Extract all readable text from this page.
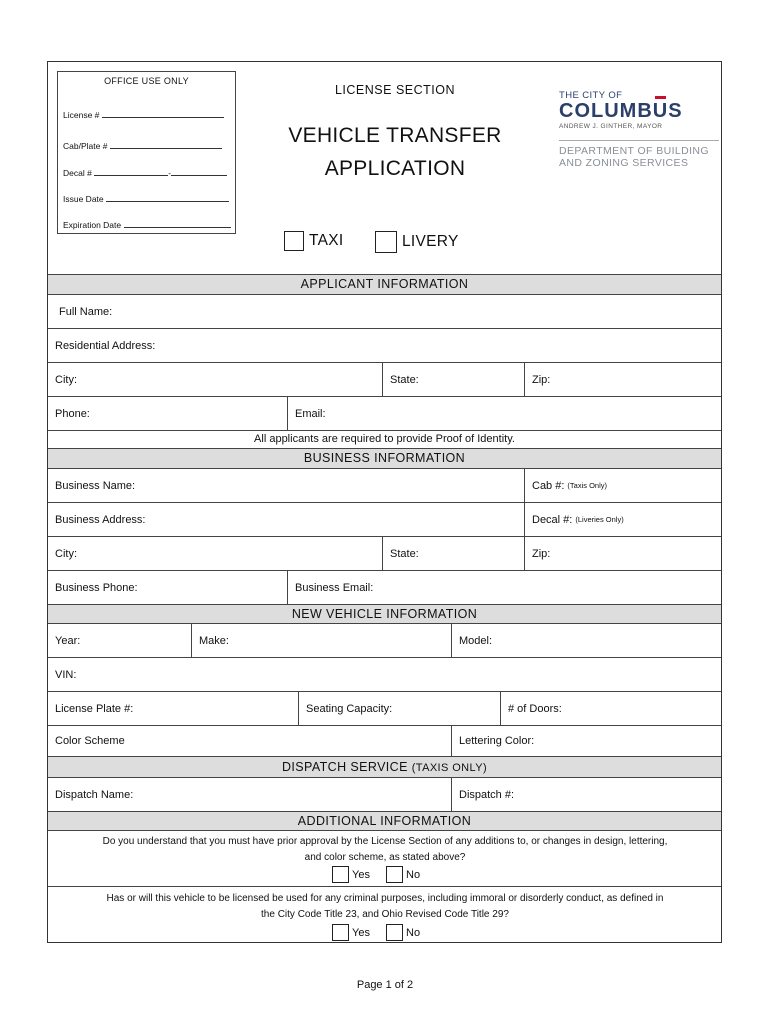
OFFICE USE ONLY
License #
Cab/Plate #
Decal #	-
Issue Date
Expiration Date
LICENSE SECTION
VEHICLE TRANSFER
APPLICATION
THE CITY OF
COLUMBUS
ANDREW J. GINTHER, MAYOR
DEPARTMENT OF BUILDING
AND ZONING SERVICES
TAXI	LIVERY
APPLICANT INFORMATION
Full Name:
Residential Address:
City:	State:	Zip:
Phone:	Email:
All applicants are required to provide Proof of Identity.
BUSINESS INFORMATION
Business Name:	Cab #: (Taxis Only)
Business Address:	Decal #: (Liveries Only)
City:	State:	Zip:
Business Phone:	Business Email:
NEW VEHICLE INFORMATION
Year:	Make:	Model:
VIN:
License Plate #:	Seating Capacity:	# of Doors:
Color Scheme	Lettering Color:
DISPATCH SERVICE (TAXIS ONLY)
Dispatch Name:	Dispatch #:
ADDITIONAL INFORMATION
Do you understand that you must have prior approval by the License Section of any additions to, or changes in design, lettering,
and color scheme, as stated above?
Yes	No
Has or will this vehicle to be licensed be used for any criminal purposes, including immoral or disorderly conduct, as defined in
the City Code Title 23, and Ohio Revised Code Title 29?
Yes	No
Page 1 of 2
